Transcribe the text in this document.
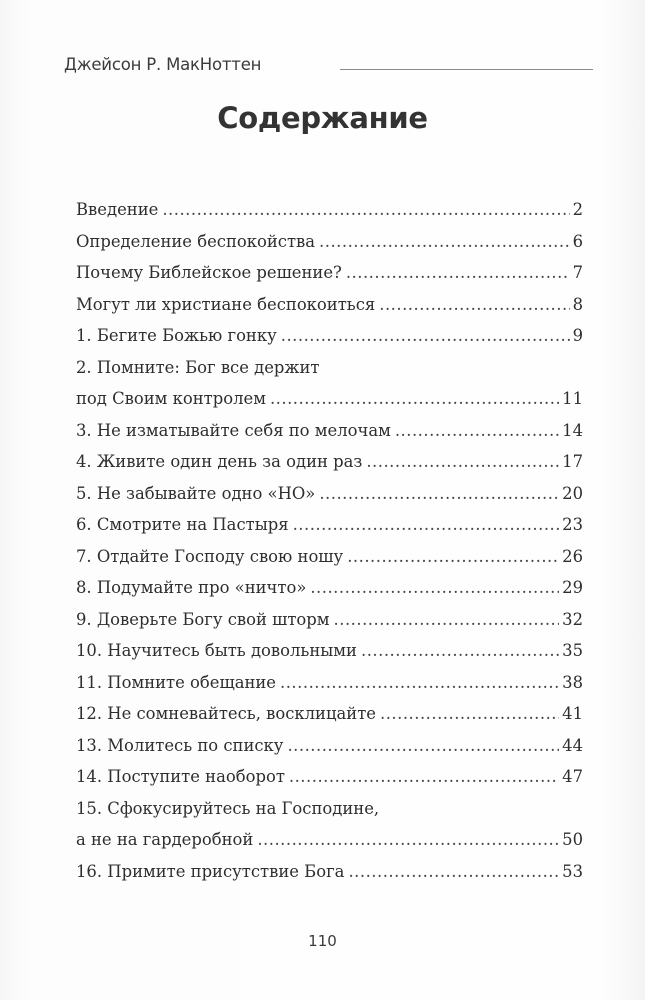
Джейсон Р. МакНоттен
Содержание
Введение .....	2
Определение беспокойства .....	6
Почему Библейское решение? .....	7
Могут ли христиане беспокоиться .....	8
1. Бегите Божью гонку .....	9
2. Помните: Бог все держит
под Своим контролем .....	11
3. Не изматывайте себя по мелочам .....	14
4. Живите один день за один раз .....	17
5. Не забывайте одно «НО» .....	20
6. Смотрите на Пастыря .....	23
7. Отдайте Господу свою ношу .....	26
8. Подумайте про «ничто» .....	29
9. Доверьте Богу свой шторм .....	32
10. Научитесь быть довольными .....	35
11. Помните обещание .....	38
12. Не сомневайтесь, восклицайте .....	41
13. Молитесь по списку .....	44
14. Поступите наоборот .....	47
15. Сфокусируйтесь на Господине,
а не на гардеробной .....	50
16. Примите присутствие Бога .....	53
110
